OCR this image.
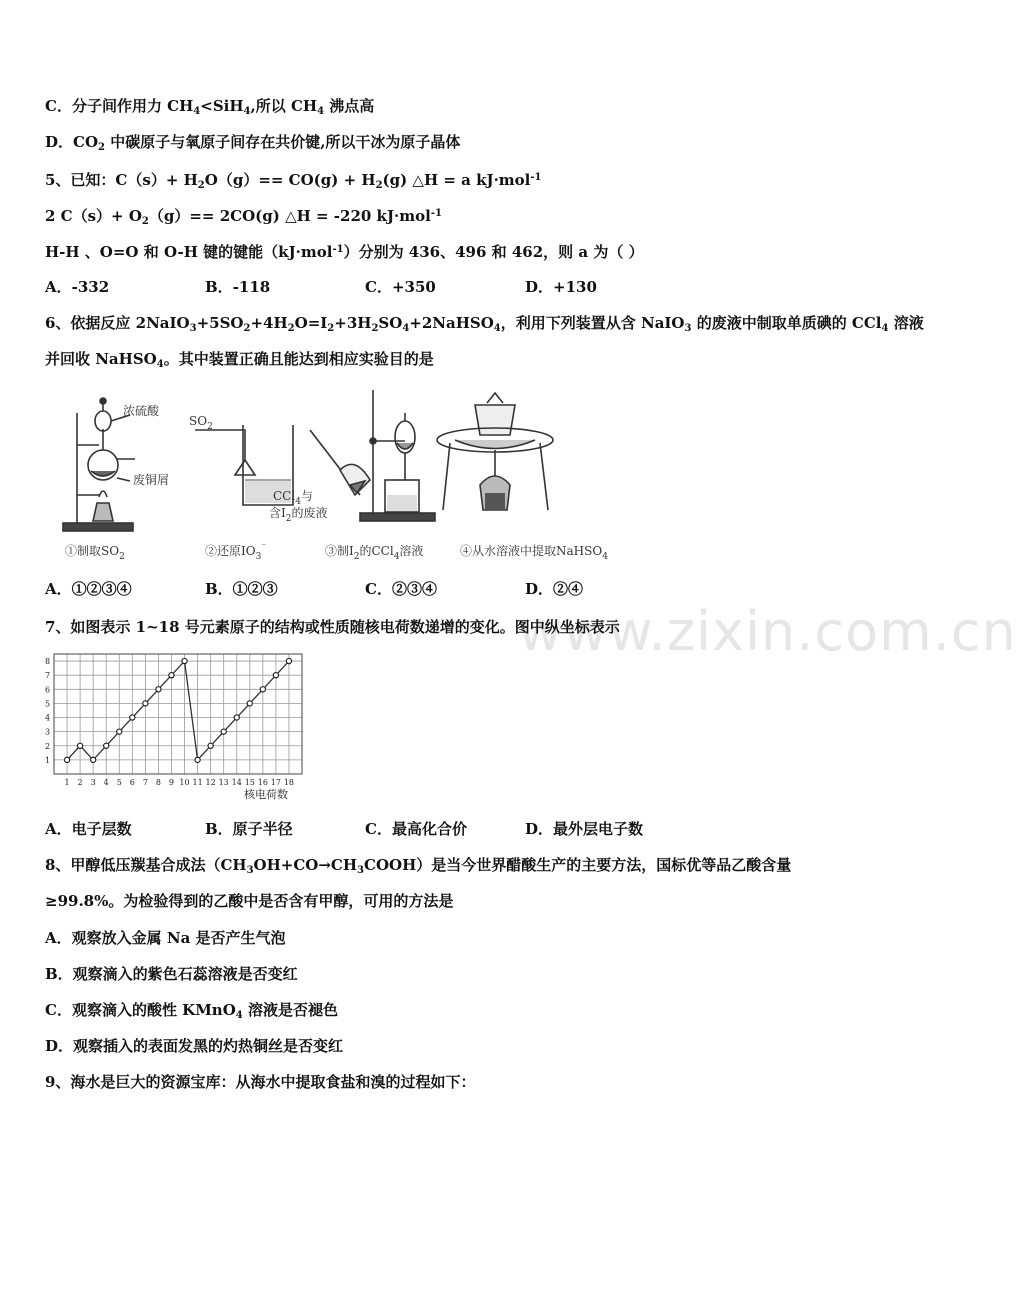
www.zixin.com.cn
C．分子间作用力 $CH_4<SiH_4$,所以 $CH_4$ 沸点高
D．$CO_2$ 中碳原子与氧原子间存在共价键,所以干冰为原子晶体
5、已知：$C(s)+ H_2O(g)== CO(g) + H_2(g)$ △H = a kJ·mol$^{-1}$
2 $C(s)+ O_2(g)== 2CO(g)$ △H = -220 kJ·mol$^{-1}$
H-H 、O=O 和 O-H 键的键能（kJ·mol$^{-1}$）分别为 436、496 和 462，则 a 为（ ）
A．-332	B．-118	C．+350	D．+130
6、依据反应 $2NaIO_3+5SO_2+4H_2O=I_2+3H_2SO_4+2NaHSO_4$，利用下列装置从含 NaIO$_3$ 的废液中制取单质碘的 CCl$_4$ 溶液
并回收 NaHSO$_4$。其中装置正确且能达到相应实验目的是
浓硫酸
废铜屑
$SO_2$
CCl$_4$与
含$I_2$的废液
①制取$SO_2$	②还原$IO_3^{^-}$	③制$I_2$的CCl$_4$溶液	④从水溶液中提取NaHSO$_4$
A．①②③④	B．①②③	C．②③④	D．②④
7、如图表示 1~18 号元素原子的结构或性质随核电荷数递增的变化。图中纵坐标表示
1
2
3
4
5
6
7
8
1 2 3 4 5 6 7 8 9 10 11 12 13 14 15 16 17 18
核电荷数
A．电子层数	B．原子半径	C．最高化合价	D．最外层电子数
8、甲醇低压羰基合成法$(CH_3OH+CO\to CH_3COOH)$是当今世界醋酸生产的主要方法，国标优等品乙酸含量
≥99.8%。为检验得到的乙酸中是否含有甲醇，可用的方法是
A．观察放入金属 Na 是否产生气泡
B．观察滴入的紫色石蕊溶液是否变红
C．观察滴入的酸性 KMnO$_4$ 溶液是否褪色
D．观察插入的表面发黑的灼热铜丝是否变红
9、海水是巨大的资源宝库：从海水中提取食盐和溴的过程如下：
